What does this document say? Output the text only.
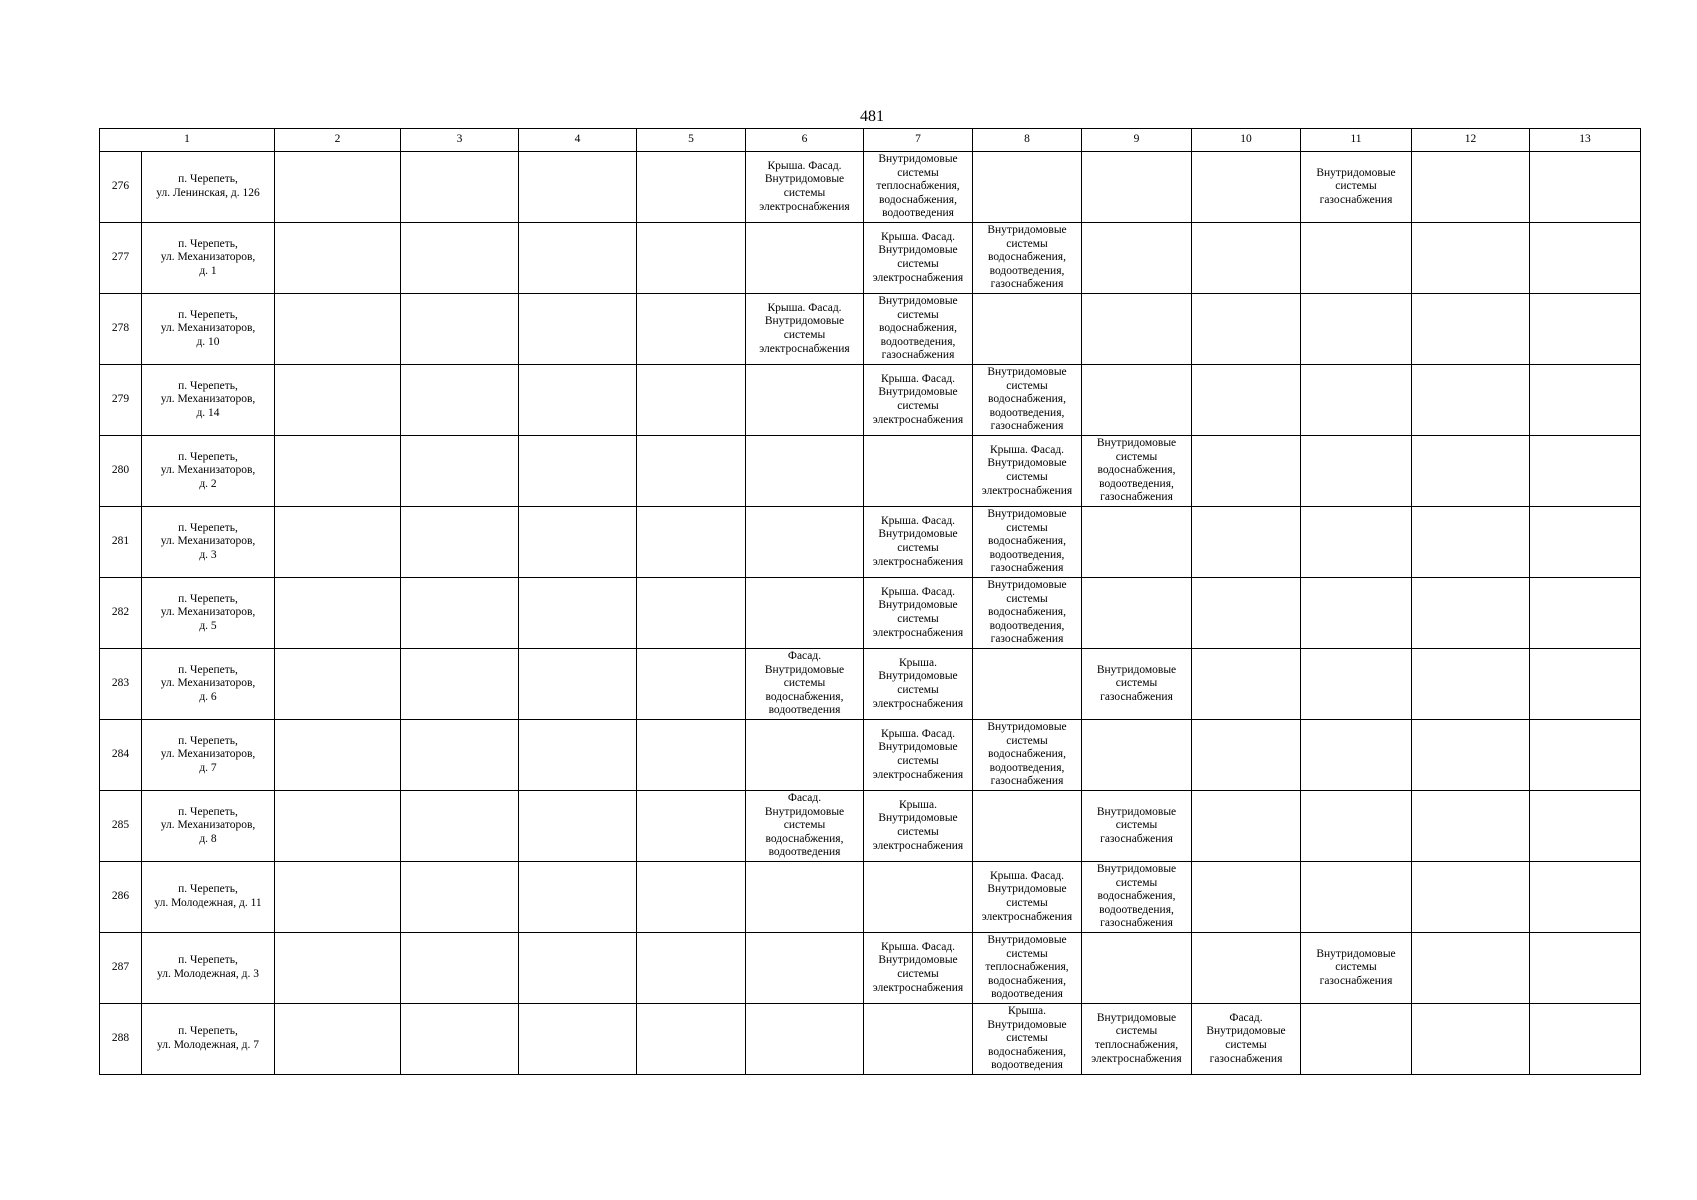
481
1		2	3	4	5	6	7	8	9	10	11	12	13
276	п. Черепеть,
ул. Ленинская, д. 126					Крыша. Фасад.
Внутридомовые
системы
электроснабжения	Внутридомовые
системы
теплоснабжения,
водоснабжения,
водоотведения				Внутридомовые
системы
газоснабжения		
277	п. Черепеть,
ул. Механизаторов,
д. 1						Крыша. Фасад.
Внутридомовые
системы
электроснабжения	Внутридомовые
системы
водоснабжения,
водоотведения,
газоснабжения					
278	п. Черепеть,
ул. Механизаторов,
д. 10					Крыша. Фасад.
Внутридомовые
системы
электроснабжения	Внутридомовые
системы
водоснабжения,
водоотведения,
газоснабжения						
279	п. Черепеть,
ул. Механизаторов,
д. 14						Крыша. Фасад.
Внутридомовые
системы
электроснабжения	Внутридомовые
системы
водоснабжения,
водоотведения,
газоснабжения					
280	п. Черепеть,
ул. Механизаторов,
д. 2							Крыша. Фасад.
Внутридомовые
системы
электроснабжения	Внутридомовые
системы
водоснабжения,
водоотведения,
газоснабжения				
281	п. Черепеть,
ул. Механизаторов,
д. 3						Крыша. Фасад.
Внутридомовые
системы
электроснабжения	Внутридомовые
системы
водоснабжения,
водоотведения,
газоснабжения					
282	п. Черепеть,
ул. Механизаторов,
д. 5						Крыша. Фасад.
Внутридомовые
системы
электроснабжения	Внутридомовые
системы
водоснабжения,
водоотведения,
газоснабжения					
283	п. Черепеть,
ул. Механизаторов,
д. 6					Фасад.
Внутридомовые
системы
водоснабжения,
водоотведения	Крыша.
Внутридомовые
системы
электроснабжения		Внутридомовые
системы
газоснабжения				
284	п. Черепеть,
ул. Механизаторов,
д. 7						Крыша. Фасад.
Внутридомовые
системы
электроснабжения	Внутридомовые
системы
водоснабжения,
водоотведения,
газоснабжения					
285	п. Черепеть,
ул. Механизаторов,
д. 8					Фасад.
Внутридомовые
системы
водоснабжения,
водоотведения	Крыша.
Внутридомовые
системы
электроснабжения		Внутридомовые
системы
газоснабжения				
286	п. Черепеть,
ул. Молодежная, д. 11							Крыша. Фасад.
Внутридомовые
системы
электроснабжения	Внутридомовые
системы
водоснабжения,
водоотведения,
газоснабжения				
287	п. Черепеть,
ул. Молодежная, д. 3						Крыша. Фасад.
Внутридомовые
системы
электроснабжения	Внутридомовые
системы
теплоснабжения,
водоснабжения,
водоотведения			Внутридомовые
системы
газоснабжения		
288	п. Черепеть,
ул. Молодежная, д. 7							Крыша.
Внутридомовые
системы
водоснабжения,
водоотведения	Внутридомовые
системы
теплоснабжения,
электроснабжения	Фасад.
Внутридомовые
системы
газоснабжения			
